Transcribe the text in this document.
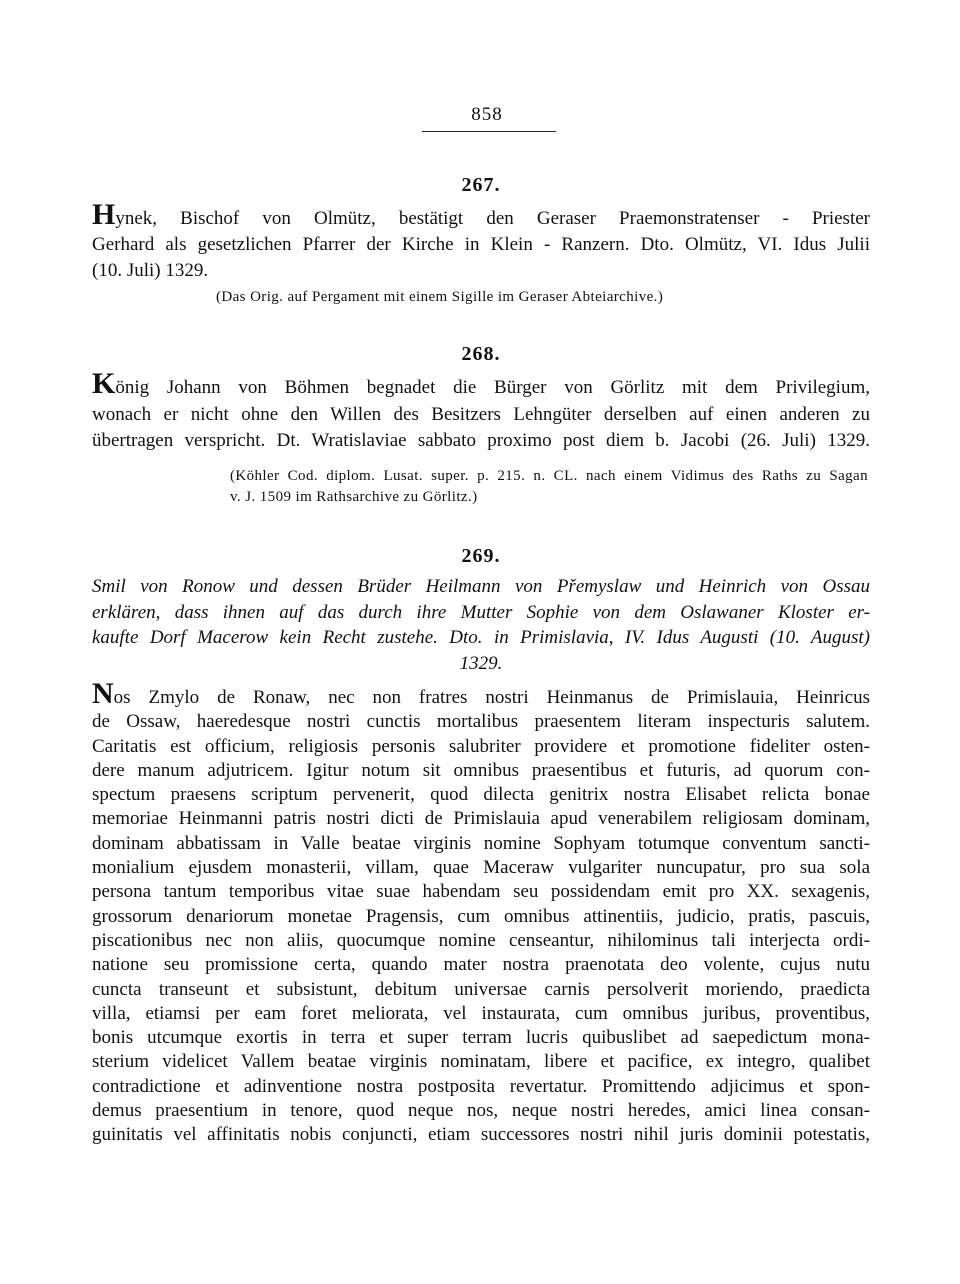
858
267.
Hynek, Bischof von Olmütz, bestätigt den Geraser Praemonstratenser - Priester
Gerhard als gesetzlichen Pfarrer der Kirche in Klein - Ranzern. Dto. Olmütz, VI. Idus Julii
(10. Juli) 1329.
(Das Orig. auf Pergament mit einem Sigille im Geraser Abteiarchive.)
268.
König Johann von Böhmen begnadet die Bürger von Görlitz mit dem Privilegium,
wonach er nicht ohne den Willen des Besitzers Lehngüter derselben auf einen anderen zu
übertragen verspricht. Dt. Wratislaviae sabbato proximo post diem b. Jacobi (26. Juli) 1329.
(Köhler Cod. diplom. Lusat. super. p. 215. n. CL. nach einem Vidimus des Raths zu Sagan
v. J. 1509 im Rathsarchive zu Görlitz.)
269.
Smil von Ronow und dessen Brüder Heilmann von Přemyslaw und Heinrich von Ossau
erklären, dass ihnen auf das durch ihre Mutter Sophie von dem Oslawaner Kloster er-
kaufte Dorf Macerow kein Recht zustehe. Dto. in Primislavia, IV. Idus Augusti (10. August)
1329.
Nos Zmylo de Ronaw, nec non fratres nostri Heinmanus de Primislauia, Heinricus
de Ossaw, haeredesque nostri cunctis mortalibus praesentem literam inspecturis salutem.
Caritatis est officium, religiosis personis salubriter providere et promotione fideliter osten-
dere manum adjutricem. Igitur notum sit omnibus praesentibus et futuris, ad quorum con-
spectum praesens scriptum pervenerit, quod dilecta genitrix nostra Elisabet relicta bonae
memoriae Heinmanni patris nostri dicti de Primislauia apud venerabilem religiosam dominam,
dominam abbatissam in Valle beatae virginis nomine Sophyam totumque conventum sancti-
monialium ejusdem monasterii, villam, quae Maceraw vulgariter nuncupatur, pro sua sola
persona tantum temporibus vitae suae habendam seu possidendam emit pro XX. sexagenis,
grossorum denariorum monetae Pragensis, cum omnibus attinentiis, judicio, pratis, pascuis,
piscationibus nec non aliis, quocumque nomine censeantur, nihilominus tali interjecta ordi-
natione seu promissione certa, quando mater nostra praenotata deo volente, cujus nutu
cuncta transeunt et subsistunt, debitum universae carnis persolverit moriendo, praedicta
villa, etiamsi per eam foret meliorata, vel instaurata, cum omnibus juribus, proventibus,
bonis utcumque exortis in terra et super terram lucris quibuslibet ad saepedictum mona-
sterium videlicet Vallem beatae virginis nominatam, libere et pacifice, ex integro, qualibet
contradictione et adinventione nostra postposita revertatur. Promittendo adjicimus et spon-
demus praesentium in tenore, quod neque nos, neque nostri heredes, amici linea consan-
guinitatis vel affinitatis nobis conjuncti, etiam successores nostri nihil juris dominii potestatis,
